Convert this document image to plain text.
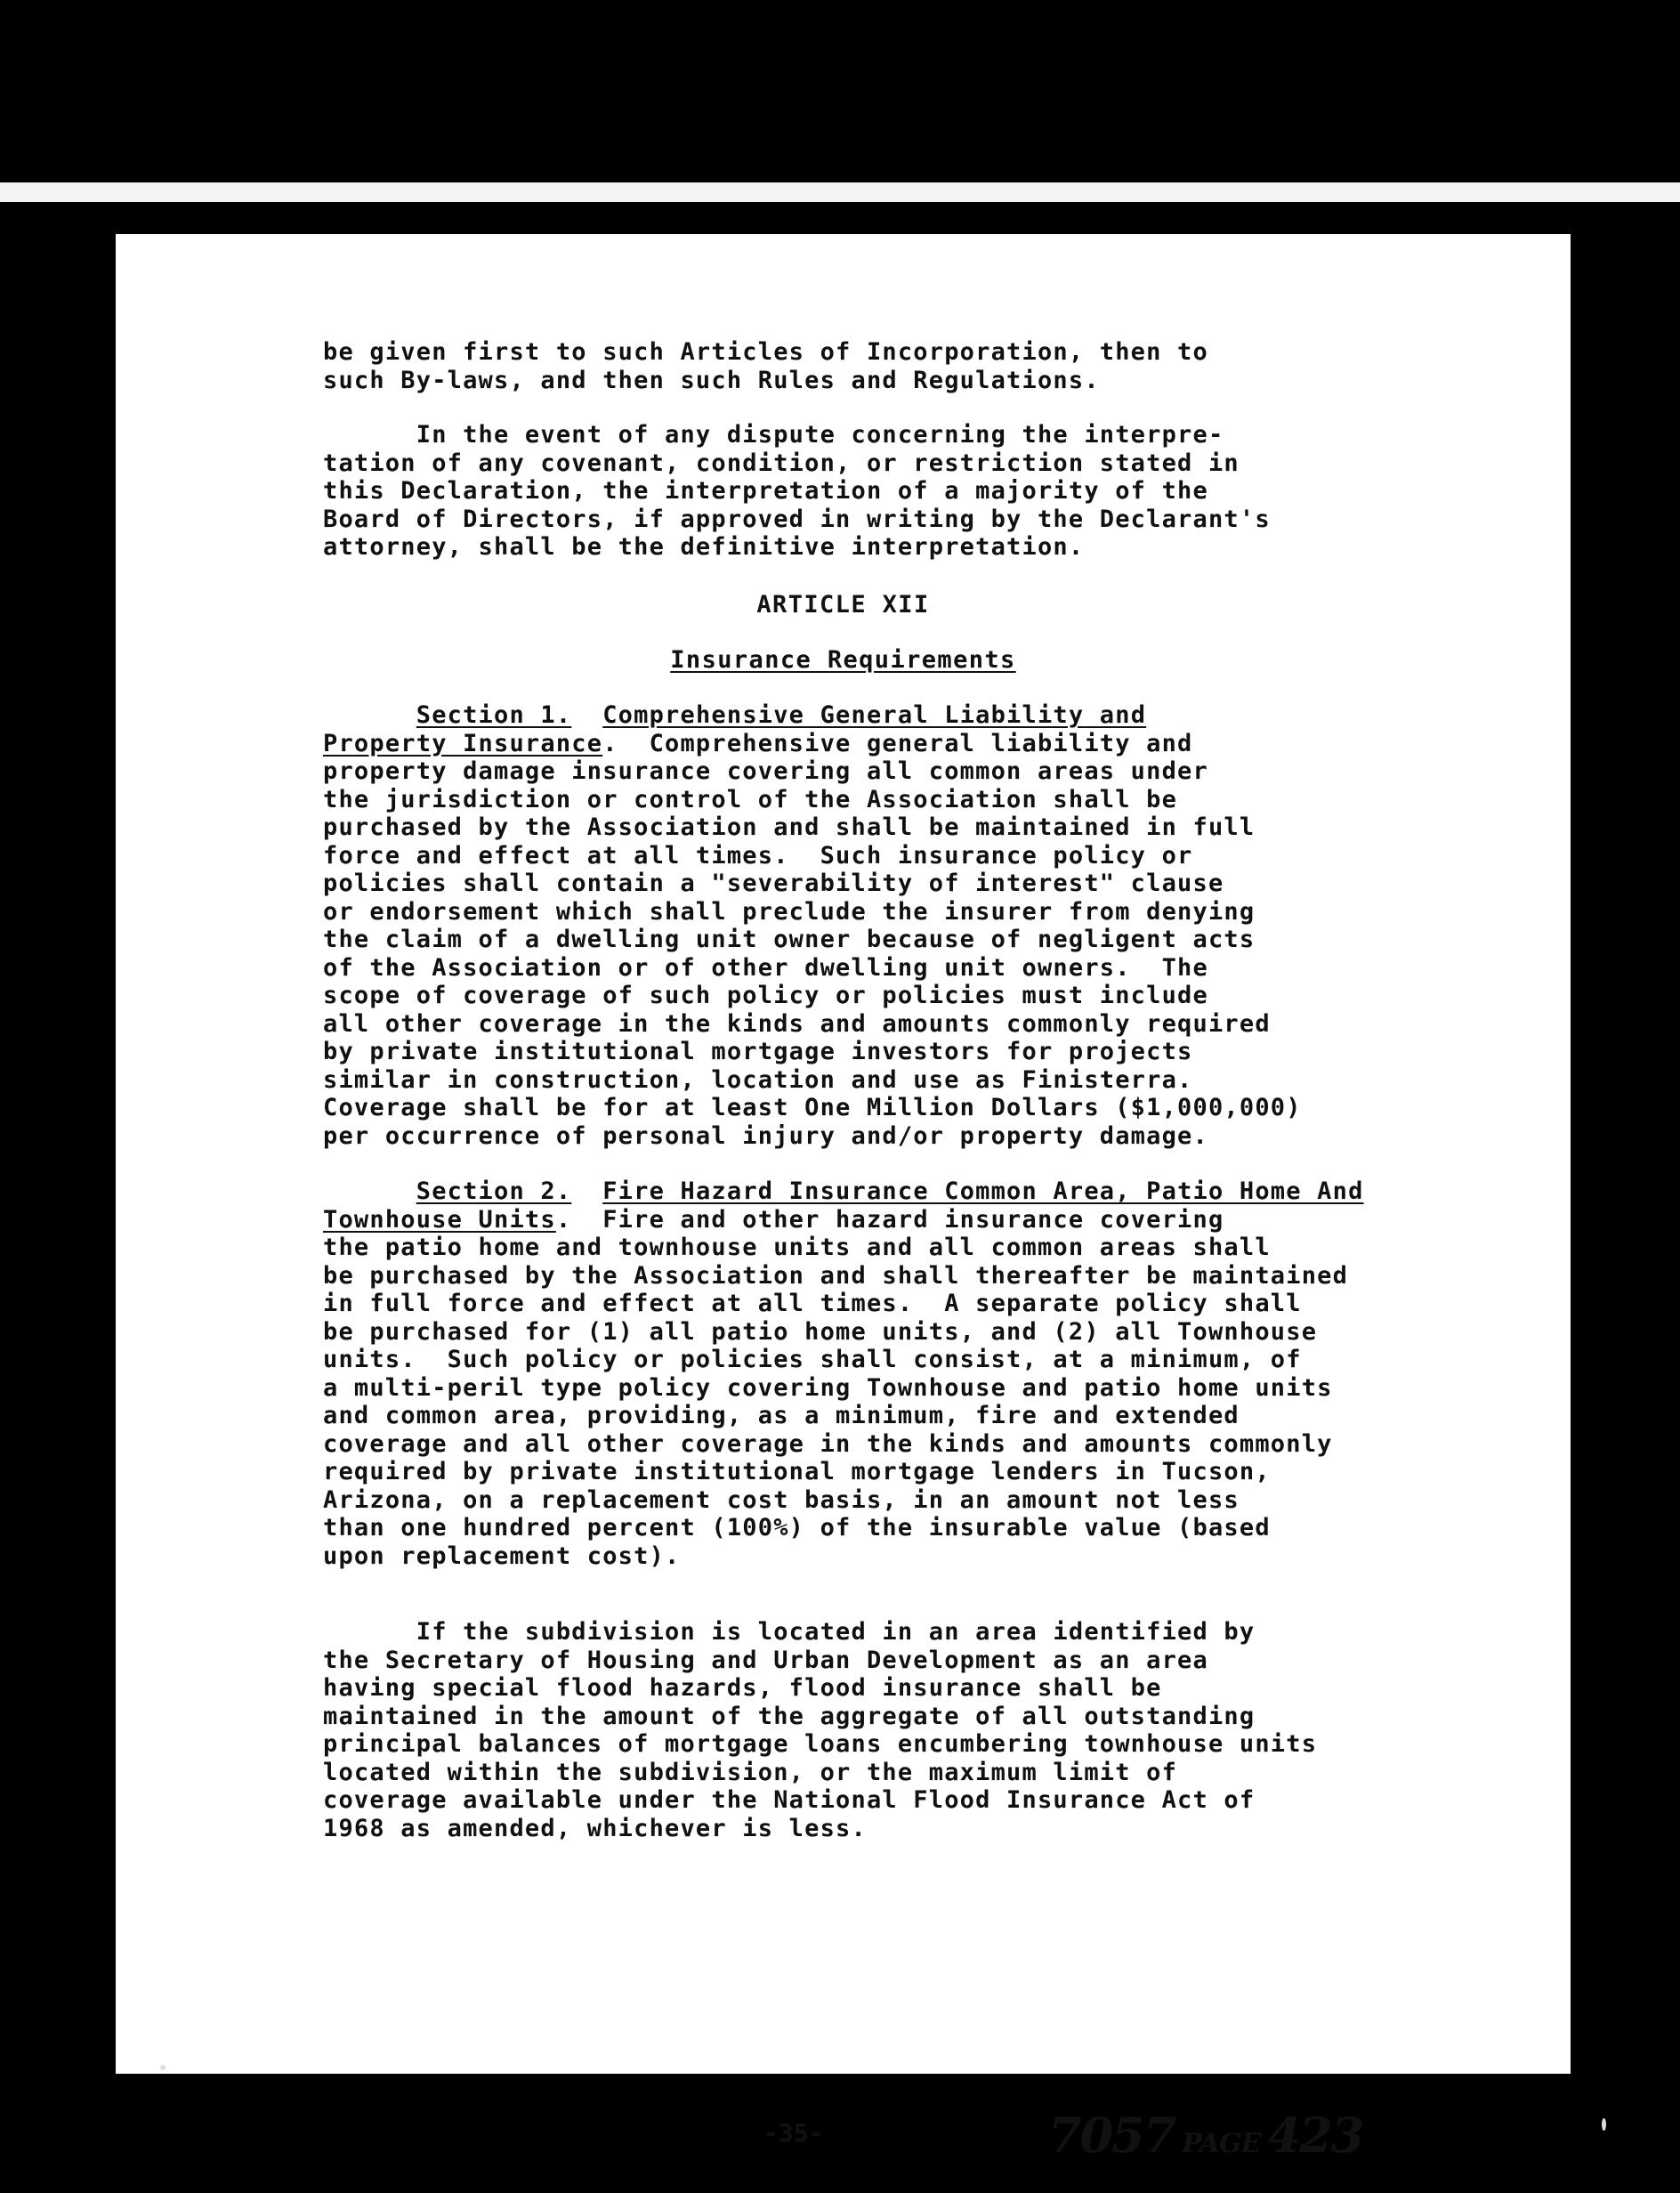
be given first to such Articles of Incorporation, then to
such By-laws, and then such Rules and Regulations.
In the event of any dispute concerning the interpre-
tation of any covenant, condition, or restriction stated in
this Declaration, the interpretation of a majority of the
Board of Directors, if approved in writing by the Declarant's
attorney, shall be the definitive interpretation.
ARTICLE XII
Insurance Requirements
Section 1. Comprehensive General Liability and
Property Insurance.  Comprehensive general liability and
property damage insurance covering all common areas under
the jurisdiction or control of the Association shall be
purchased by the Association and shall be maintained in full
force and effect at all times.  Such insurance policy or
policies shall contain a "severability of interest" clause
or endorsement which shall preclude the insurer from denying
the claim of a dwelling unit owner because of negligent acts
of the Association or of other dwelling unit owners.  The
scope of coverage of such policy or policies must include
all other coverage in the kinds and amounts commonly required
by private institutional mortgage investors for projects
similar in construction, location and use as Finisterra.
Coverage shall be for at least One Million Dollars ($1,000,000)
per occurrence of personal injury and/or property damage.
Section 2. Fire Hazard Insurance Common Area, Patio Home And
Townhouse Units.  Fire and other hazard insurance covering
the patio home and townhouse units and all common areas shall
be purchased by the Association and shall thereafter be maintained
in full force and effect at all times.  A separate policy shall
be purchased for (1) all patio home units, and (2) all Townhouse
units.  Such policy or policies shall consist, at a minimum, of
a multi-peril type policy covering Townhouse and patio home units
and common area, providing, as a minimum, fire and extended
coverage and all other coverage in the kinds and amounts commonly
required by private institutional mortgage lenders in Tucson,
Arizona, on a replacement cost basis, in an amount not less
than one hundred percent (100%) of the insurable value (based
upon replacement cost).
If the subdivision is located in an area identified by
the Secretary of Housing and Urban Development as an area
having special flood hazards, flood insurance shall be
maintained in the amount of the aggregate of all outstanding
principal balances of mortgage loans encumbering townhouse units
located within the subdivision, or the maximum limit of
coverage available under the National Flood Insurance Act of
1968 as amended, whichever is less.
-35-	7057 PAGE 423
